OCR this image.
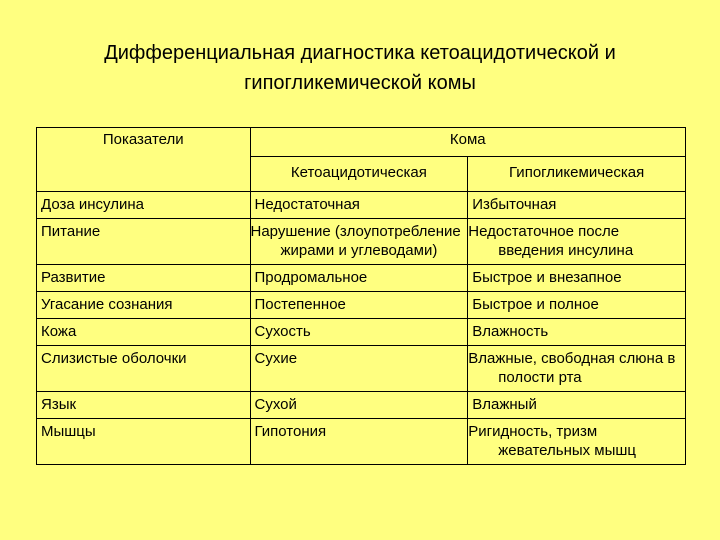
Дифференциальная диагностика кетоацидотической и
гипогликемической комы
Показатели	Кома	
	Кетоацидотическая	Гипогликемическая
Доза инсулина	Недостаточная	Избыточная
Питание	Нарушение (злоупотребление жирами и углеводами)	Недостаточное после введения инсулина
Развитие	Продромальное	Быстрое и внезапное
Угасание сознания	Постепенное	Быстрое и полное
Кожа	Сухость	Влажность
Слизистые оболочки	Сухие	Влажные, свободная слюна в полости рта
Язык	Сухой	Влажный
Мышцы	Гипотония	Ригидность, тризм жевательных мышц
